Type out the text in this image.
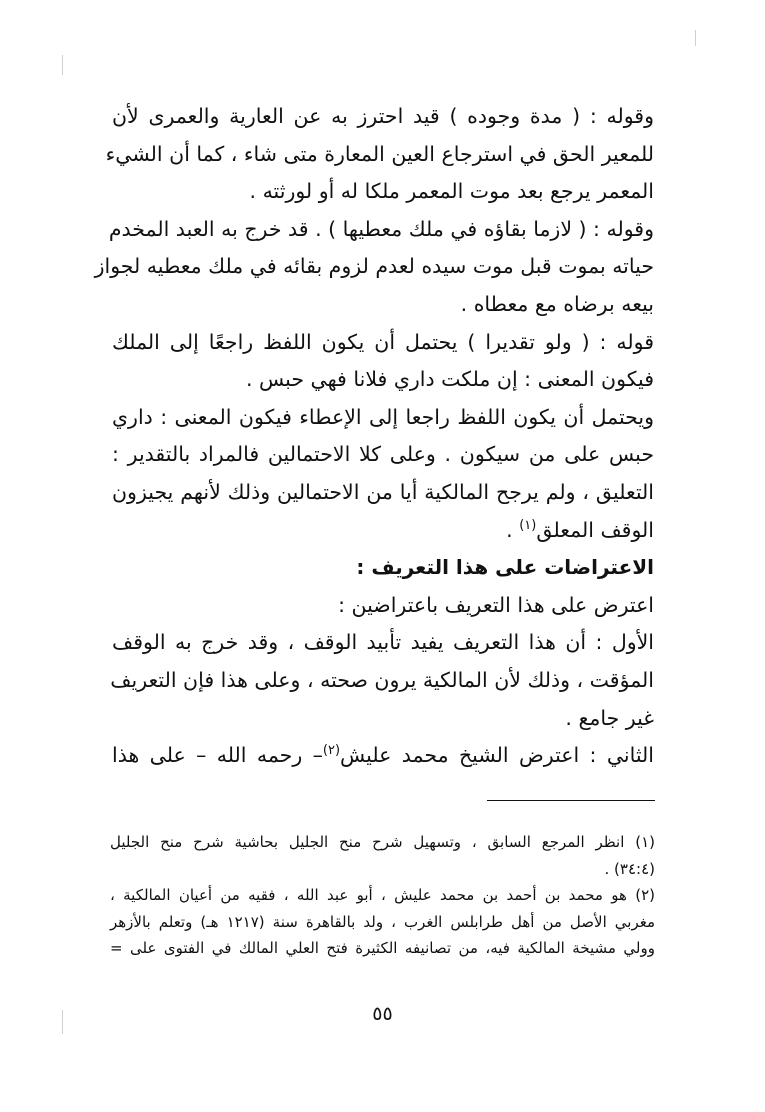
وقوله : ( مدة وجوده ) قيد احترز به عن العارية والعمرى لأن
للمعير الحق في استرجاع العين المعارة متى شاء ، كما أن الشيء
المعمر يرجع بعد موت المعمر ملكا له أو لورثته .
وقوله : ( لازما بقاؤه في ملك معطيها ) . قد خرج به العبد المخدم
حياته بموت قبل موت سيده لعدم لزوم بقائه في ملك معطيه لجواز
بيعه برضاه مع معطاه .
قوله : ( ولو تقديرا ) يحتمل أن يكون اللفظ راجعًا إلى الملك
فيكون المعنى : إن ملكت داري فلانا فهي حبس .
ويحتمل أن يكون اللفظ راجعا إلى الإعطاء فيكون المعنى : داري
حبس على من سيكون . وعلى كلا الاحتمالين فالمراد بالتقدير :
التعليق ، ولم يرجح المالكية أيا من الاحتمالين وذلك لأنهم يجيزون
الوقف المعلق$^{(١)}$ .
الاعتراضات على هذا التعريف :
اعترض على هذا التعريف باعتراضين :
الأول : أن هذا التعريف يفيد تأبيد الوقف ، وقد خرج به الوقف
المؤقت ، وذلك لأن المالكية يرون صحته ، وعلى هذا فإن التعريف
غير جامع .
الثاني : اعترض الشيخ محمد عليش$^{(٢)}$– رحمه الله – على هذا
(١) انظر المرجع السابق ، وتسهيل شرح منح الجليل بحاشية شرح منح الجليل
(٣٤:٤) .
(٢) هو محمد بن أحمد بن محمد عليش ، أبو عبد الله ، فقيه من أعيان المالكية ،
مغربي الأصل من أهل طرابلس الغرب ، ولد بالقاهرة سنة (١٢١٧ هـ) وتعلم بالأزهر
وولي مشيخة المالكية فيه، من تصانيفه الكثيرة فتح العلي المالك في الفتوى على =
٥٥
